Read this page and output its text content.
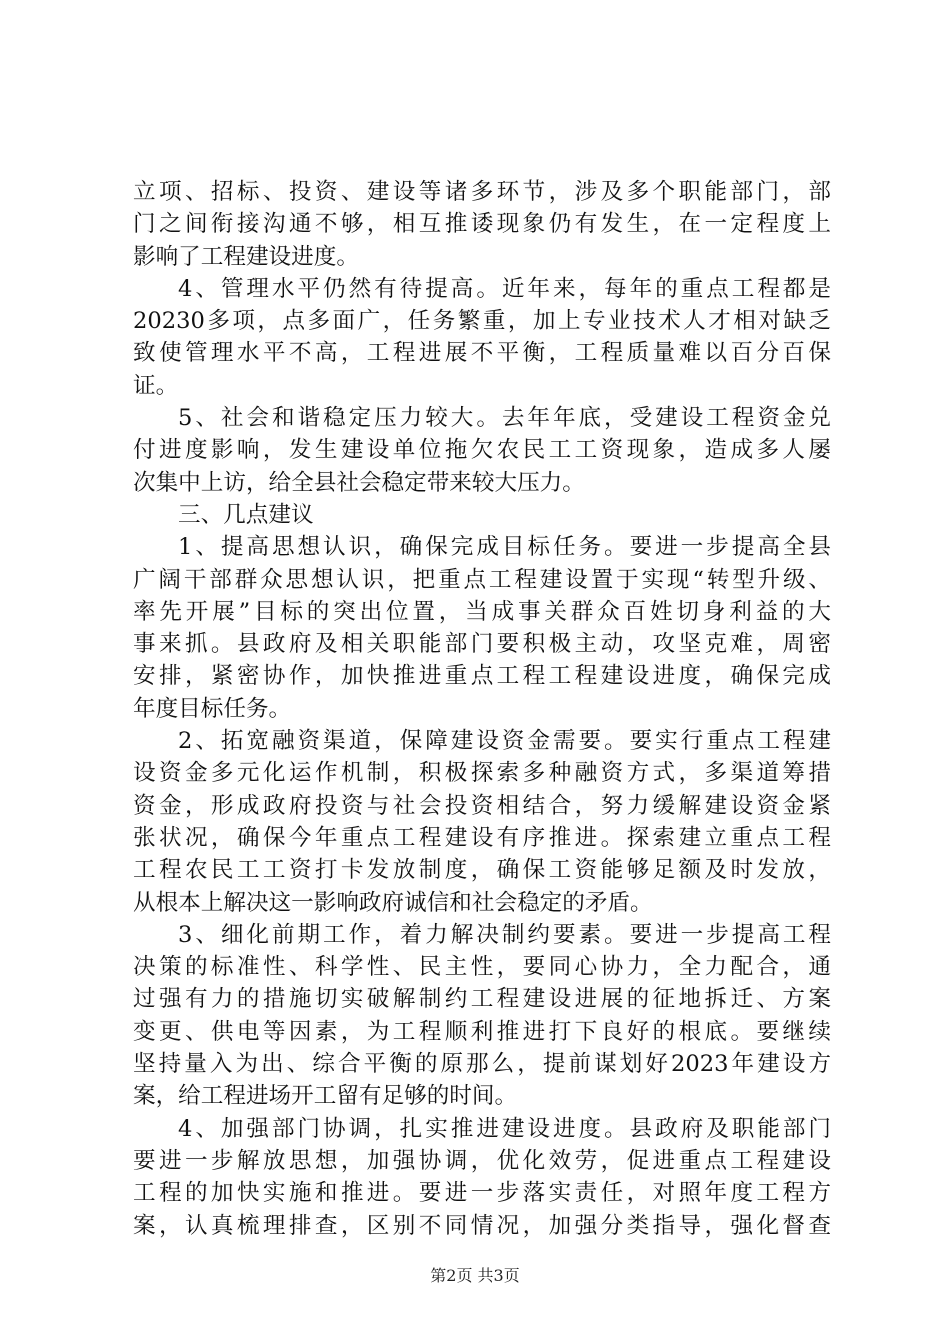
立项、招标、投资、建设等诸多环节，涉及多个职能部门，部
门之间衔接沟通不够，相互推诿现象仍有发生，在一定程度上
影响了工程建设进度。
4、管理水平仍然有待提高。近年来，每年的重点工程都是
20230多项，点多面广，任务繁重，加上专业技术人才相对缺乏
致使管理水平不高，工程进展不平衡，工程质量难以百分百保
证。
5、社会和谐稳定压力较大。去年年底，受建设工程资金兑
付进度影响，发生建设单位拖欠农民工工资现象，造成多人屡
次集中上访，给全县社会稳定带来较大压力。
三、几点建议
1、提高思想认识，确保完成目标任务。要进一步提高全县
广阔干部群众思想认识，把重点工程建设置于实现“转型升级、
率先开展”目标的突出位置，当成事关群众百姓切身利益的大
事来抓。县政府及相关职能部门要积极主动，攻坚克难，周密
安排，紧密协作，加快推进重点工程工程建设进度，确保完成
年度目标任务。
2、拓宽融资渠道，保障建设资金需要。要实行重点工程建
设资金多元化运作机制，积极探索多种融资方式，多渠道筹措
资金，形成政府投资与社会投资相结合，努力缓解建设资金紧
张状况，确保今年重点工程建设有序推进。探索建立重点工程
工程农民工工资打卡发放制度，确保工资能够足额及时发放，
从根本上解决这一影响政府诚信和社会稳定的矛盾。
3、细化前期工作，着力解决制约要素。要进一步提高工程
决策的标准性、科学性、民主性，要同心协力，全力配合，通
过强有力的措施切实破解制约工程建设进展的征地拆迁、方案
变更、供电等因素，为工程顺利推进打下良好的根底。要继续
坚持量入为出、综合平衡的原那么，提前谋划好2023年建设方
案，给工程进场开工留有足够的时间。
4、加强部门协调，扎实推进建设进度。县政府及职能部门
要进一步解放思想，加强协调，优化效劳，促进重点工程建设
工程的加快实施和推进。要进一步落实责任，对照年度工程方
案，认真梳理排查，区别不同情况，加强分类指导，强化督查
第2页 共3页
